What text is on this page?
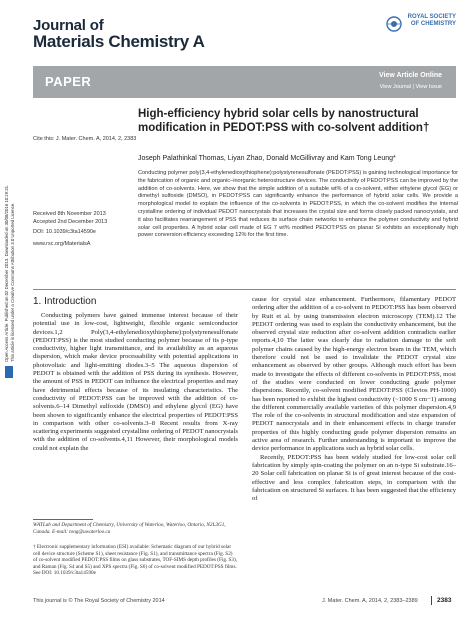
Journal of
Materials Chemistry A
ROYAL SOCIETY
OF CHEMISTRY
PAPER	View Article Online
View Journal | View Issue
Open Access Article. Published on 02 December 2013. Downloaded on 30/08/2016 10:29:31. This article is licensed under a Creative Commons Attribution 3.0 Unported Licence.
Cite this: J. Mater. Chem. A, 2014, 2, 2383
High-efficiency hybrid solar cells by nanostructural modification in PEDOT:PSS with co-solvent addition†
Joseph Palathinkal Thomas, Liyan Zhao, Donald McGillivray and Kam Tong Leung*
Conducting polymer poly(3,4-ethylenedioxythiophene):polystyrenesulfonate (PEDOT:PSS) is gaining technological importance for the fabrication of organic and organic–inorganic heterostructure devices. The conductivity of PEDOT:PSS can be improved by the addition of co-solvents. Here, we show that the simple addition of a suitable wt% of a co-solvent, either ethylene glycol (EG) or dimethyl sulfoxide (DMSO), in PEDOT:PSS can significantly enhance the performance of hybrid solar cells. We provide a morphological model to explain the influence of the co-solvents in PEDOT:PSS, in which the co-solvent modifies the internal crystalline ordering of individual PEDOT nanocrystals that increases the crystal size and forms closely packed nanocrystals, and it also facilitates rearrangement of PSS that reduces its surface chain networks to enhance the polymer conductivity and hybrid solar cell properties. A hybrid solar cell made of EG 7 wt% modified PEDOT:PSS on planar Si exhibits an exceptionally high power conversion efficiency exceeding 12% for the first time.
Received 8th November 2013
Accepted 2nd December 2013
DOI: 10.1039/c3ta14590e
www.rsc.org/MaterialsA
1. Introduction

Conducting polymers have gained immense interest because of their potential use in low-cost, lightweight, flexible organic semiconductor devices.1,2 Poly(3,4-ethylenedioxythiophene):polystyrenesulfonate (PEDOT:PSS) is the most studied conducting polymer because of its p-type conductivity, higher light transmittance, and its availability as an aqueous dispersion, which make device processability with potential applications in photovoltaic and light-emitting diodes.3–5 The aqueous dispersion of PEDOT is obtained with the addition of PSS during its synthesis. However, the amount of PSS in PEDOT can influence the electrical properties and may have detrimental effects because of its insulating characteristics. The conductivity of PEDOT:PSS can be improved with the addition of co-solvents.6–14 Dimethyl sulfoxide (DMSO) and ethylene glycol (EG) have been shown to significantly enhance the electrical properties of PEDOT:PSS in comparison with other co-solvents.3–8 Recent results from X-ray scattering experiments suggested crystalline ordering of PEDOT nanocrystals with the addition of co-solvents.4,11 However, their morphological models could not explain the

WATLab and Department of Chemistry, University of Waterloo, Waterloo, Ontario, N2L3G1, Canada. E-mail: tong@uwaterloo.ca
† Electronic supplementary information (ESI) available: Schematic diagram of our hybrid solar cell device structure (Scheme S1), sheet resistance (Fig. S1), and transmittance spectra (Fig. S2) of co-solvent modified PEDOT:PSS films on glass substrates, TOF-SIMS depth profiles (Fig. S3), and Raman (Fig. S4 and S5) and XPS spectra (Fig. S6) of co-solvent modified PEDOT:PSS films. See DOI: 10.1039/c3ta14590e

cause for crystal size enhancement. Furthermore, filamentary PEDOT ordering after the addition of a co-solvent in PEDOT:PSS has been observed by Ruit et al. by using transmission electron microscopy (TEM).12 The PEDOT ordering was used to explain the conductivity enhancement, but the observed crystal size reduction after co-solvent addition contradicts earlier reports.4,10 The latter was clearly due to radiation damage to the soft polymer chains caused by the high-energy electron beam in the TEM, which therefore could not be used to invalidate the PEDOT crystal size enhancement as observed by other groups. Although much effort has been made to investigate the effects of different co-solvents in PEDOT:PSS, most of the studies were conducted on lower conducting grade polymer dispersions. Recently, co-solvent modified PEDOT:PSS (Clevios PH-1000) has been reported to exhibit the highest conductivity (~1000 S cm−1) among the different commercially available varieties of this polymer dispersion.4,9 The role of the co-solvents in structural modification and size expansion of PEDOT nanocrystals and in their enhancement effects in charge transfer properties of this highly conducting grade polymer dispersion remains an active area of research. Further understanding is important to improve the device performance in applications such as hybrid solar cells.

Recently, PEDOT:PSS has been widely studied for low-cost solar cell fabrication by simply spin-coating the polymer on an n-type Si substrate.16–20 Solar cell fabrication on planar Si is of great interest because of the cost-effective and less complex fabrication steps, in comparison with the fabrication on structured Si surfaces. It has been suggested that the efficiency of

This journal is © The Royal Society of Chemistry 2014	J. Mater. Chem. A, 2014, 2, 2383–2389	2383
